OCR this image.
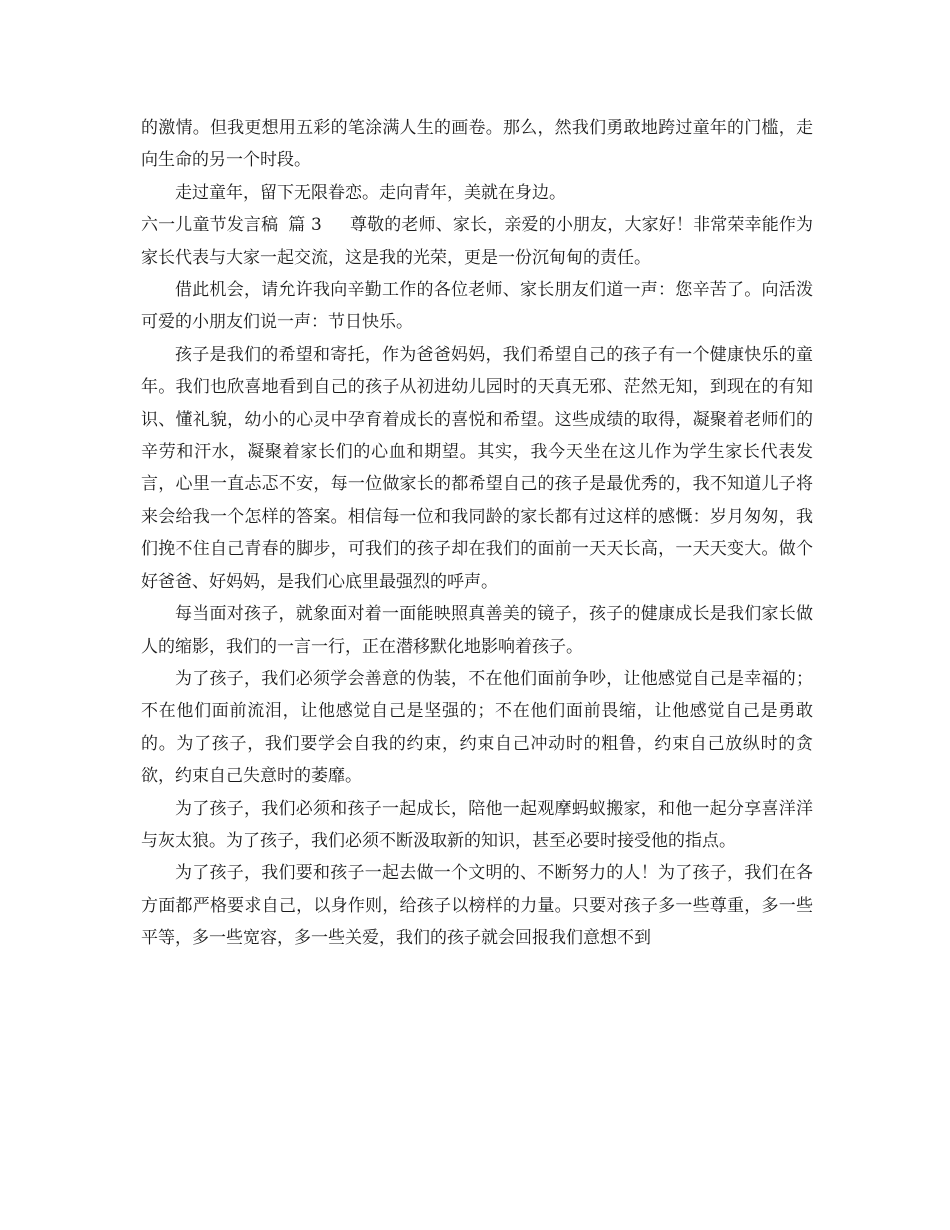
的激情。但我更想用五彩的笔涂满人生的画卷。那么，然我们勇敢地跨过童年的门槛，走向生命的另一个时段。

走过童年，留下无限眷恋。走向青年，美就在身边。

六一儿童节发言稿 篇 3 尊敬的老师、家长，亲爱的小朋友，大家好！非常荣幸能作为家长代表与大家一起交流，这是我的光荣，更是一份沉甸甸的责任。

借此机会，请允许我向辛勤工作的各位老师、家长朋友们道一声：您辛苦了。向活泼可爱的小朋友们说一声：节日快乐。

孩子是我们的希望和寄托，作为爸爸妈妈，我们希望自己的孩子有一个健康快乐的童年。我们也欣喜地看到自己的孩子从初进幼儿园时的天真无邪、茫然无知，到现在的有知识、懂礼貌，幼小的心灵中孕育着成长的喜悦和希望。这些成绩的取得，凝聚着老师们的辛劳和汗水，凝聚着家长们的心血和期望。其实，我今天坐在这儿作为学生家长代表发言，心里一直忐忑不安，每一位做家长的都希望自己的孩子是最优秀的，我不知道儿子将来会给我一个怎样的答案。相信每一位和我同龄的家长都有过这样的感慨：岁月匆匆，我们挽不住自己青春的脚步，可我们的孩子却在我们的面前一天天长高，一天天变大。做个好爸爸、好妈妈，是我们心底里最强烈的呼声。

每当面对孩子，就象面对着一面能映照真善美的镜子，孩子的健康成长是我们家长做人的缩影，我们的一言一行，正在潜移默化地影响着孩子。

为了孩子，我们必须学会善意的伪装，不在他们面前争吵，让他感觉自己是幸福的；不在他们面前流泪，让他感觉自己是坚强的；不在他们面前畏缩，让他感觉自己是勇敢的。为了孩子，我们要学会自我的约束，约束自己冲动时的粗鲁，约束自己放纵时的贪欲，约束自己失意时的萎靡。

为了孩子，我们必须和孩子一起成长，陪他一起观摩蚂蚁搬家，和他一起分享喜洋洋与灰太狼。为了孩子，我们必须不断汲取新的知识，甚至必要时接受他的指点。

为了孩子，我们要和孩子一起去做一个文明的、不断努力的人！为了孩子，我们在各方面都严格要求自己，以身作则，给孩子以榜样的力量。只要对孩子多一些尊重，多一些平等，多一些宽容，多一些关爱，我们的孩子就会回报我们意想不到
